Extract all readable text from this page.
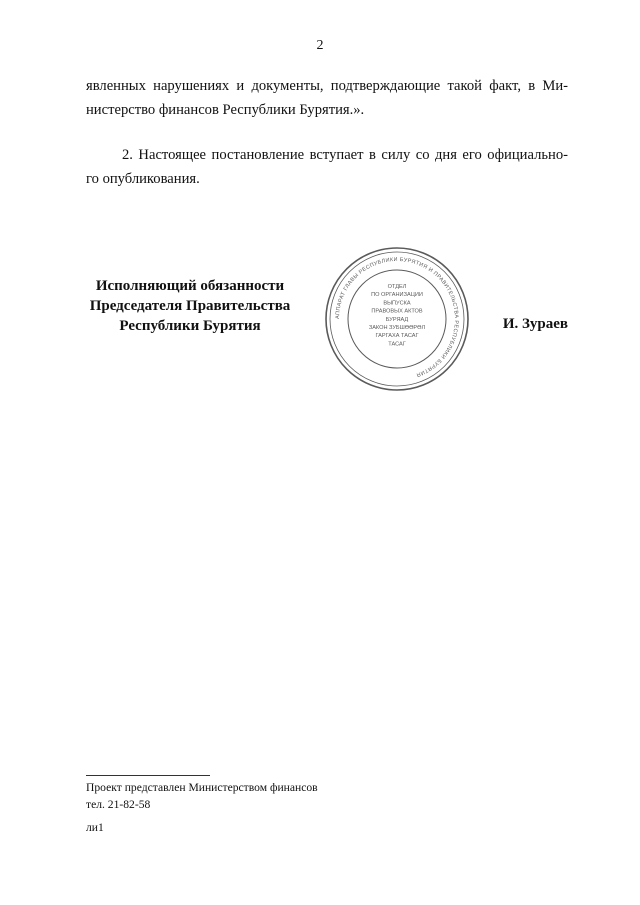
2
явленных нарушениях и документы, подтверждающие такой факт, в Ми-
нистерство финансов Республики Бурятия.».
2. Настоящее постановление вступает в силу со дня его официально-
го опубликования.
Исполняющий обязанности
Председателя Правительства
Республики Бурятия
АППАРАТ ГЛАВЫ РЕСПУБЛИКИ БУРЯТИЯ И ПРАВИТЕЛЬСТВА РЕСПУБЛИКИ БУРЯТИЯ
ОТДЕЛ
ПО ОРГАНИЗАЦИИ
ВЫПУСКА
ПРАВОВЫХ АКТОВ
БУРЯАД
ЗАКОН ЗУБШӨӨРӨЛ
ГАРГАХА ТАСАГ
ТАСАГ
И. Зураев
Проект представлен Министерством финансов
тел. 21-82-58
ли1
